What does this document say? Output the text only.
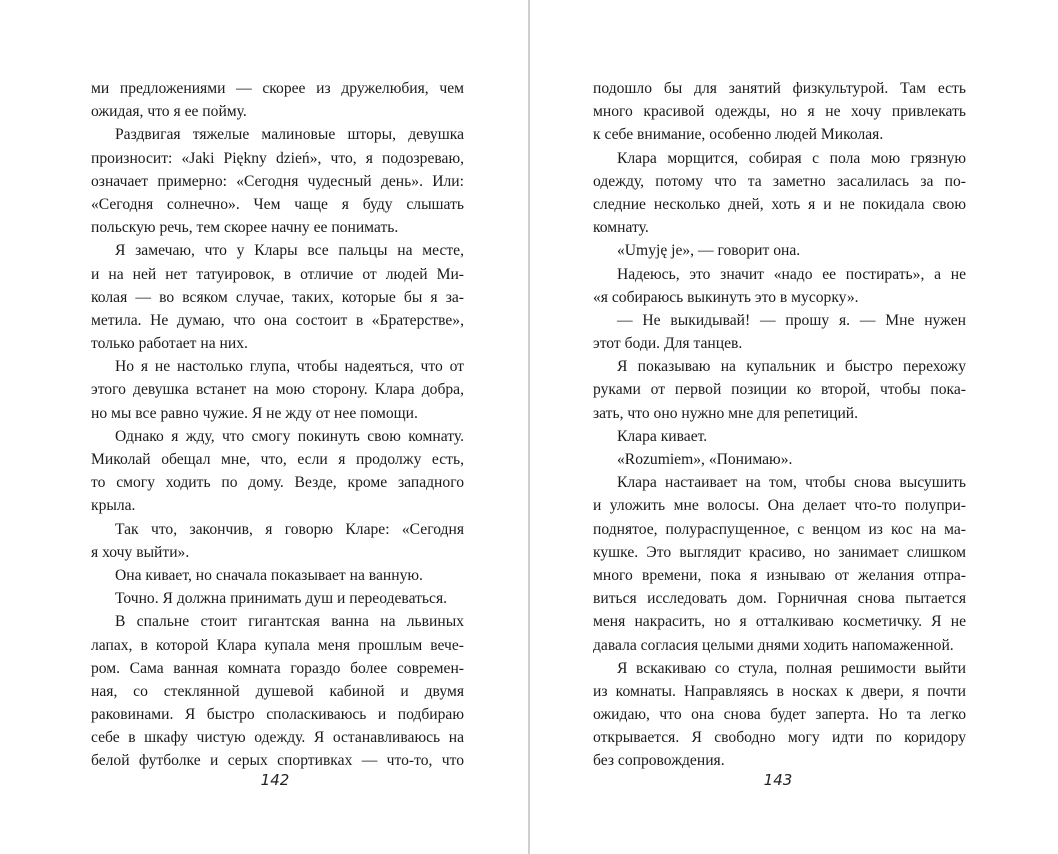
ми предложениями — скорее из дружелюбия, чем
ожидая, что я ее пойму.
Раздвигая тяжелые малиновые шторы, девушка
произносит: «Jaki Piękny dzień», что, я подозреваю,
означает примерно: «Сегодня чудесный день». Или:
«Сегодня солнечно». Чем чаще я буду слышать
польскую речь, тем скорее начну ее понимать.
Я замечаю, что у Клары все пальцы на месте,
и на ней нет татуировок, в отличие от людей Ми-
колая — во всяком случае, таких, которые бы я за-
метила. Не думаю, что она состоит в «Братерстве»,
только работает на них.
Но я не настолько глупа, чтобы надеяться, что от
этого девушка встанет на мою сторону. Клара добра,
но мы все равно чужие. Я не жду от нее помощи.
Однако я жду, что смогу покинуть свою комнату.
Миколай обещал мне, что, если я продолжу есть,
то смогу ходить по дому. Везде, кроме западного
крыла.
Так что, закончив, я говорю Кларе: «Сегодня
я хочу выйти».
Она кивает, но сначала показывает на ванную.
Точно. Я должна принимать душ и переодеваться.
В спальне стоит гигантская ванна на львиных
лапах, в которой Клара купала меня прошлым вече-
ром. Сама ванная комната гораздо более современ-
ная, со стеклянной душевой кабиной и двумя
раковинами. Я быстро споласкиваюсь и подбираю
себе в шкафу чистую одежду. Я останавливаюсь на
белой футболке и серых спортивках — что-то, что
142
подошло бы для занятий физкультурой. Там есть
много красивой одежды, но я не хочу привлекать
к себе внимание, особенно людей Миколая.
Клара морщится, собирая с пола мою грязную
одежду, потому что та заметно засалилась за по-
следние несколько дней, хоть я и не покидала свою
комнату.
«Umyję je», — говорит она.
Надеюсь, это значит «надо ее постирать», а не
«я собираюсь выкинуть это в мусорку».
— Не выкидывай! — прошу я. — Мне нужен
этот боди. Для танцев.
Я показываю на купальник и быстро перехожу
руками от первой позиции ко второй, чтобы пока-
зать, что оно нужно мне для репетиций.
Клара кивает.
«Rozumiem», «Понимаю».
Клара настаивает на том, чтобы снова высушить
и уложить мне волосы. Она делает что-то полупри-
поднятое, полураспущенное, с венцом из кос на ма-
кушке. Это выглядит красиво, но занимает слишком
много времени, пока я изнываю от желания отпра-
виться исследовать дом. Горничная снова пытается
меня накрасить, но я отталкиваю косметичку. Я не
давала согласия целыми днями ходить напомаженной.
Я вскакиваю со стула, полная решимости выйти
из комнаты. Направляясь в носках к двери, я почти
ожидаю, что она снова будет заперта. Но та легко
открывается. Я свободно могу идти по коридору
без сопровождения.
143
